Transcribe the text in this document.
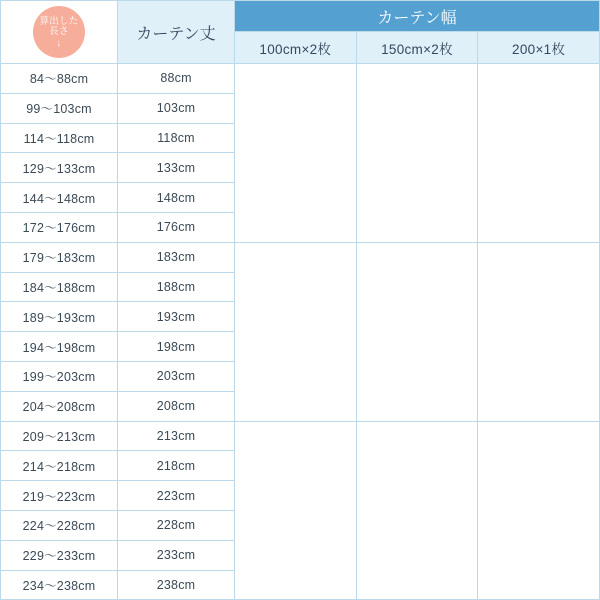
算出した
長さ
↓	カーテン丈	カーテン幅		
		100cm×2枚	150cm×2枚	200×1枚
84〜88cm	88cm			
99〜103cm	103cm			
114〜118cm	118cm			
129〜133cm	133cm			
144〜148cm	148cm			
172〜176cm	176cm			
179〜183cm	183cm			
184〜188cm	188cm			
189〜193cm	193cm			
194〜198cm	198cm			
199〜203cm	203cm			
204〜208cm	208cm			
209〜213cm	213cm			
214〜218cm	218cm			
219〜223cm	223cm			
224〜228cm	228cm			
229〜233cm	233cm			
234〜238cm	238cm			
